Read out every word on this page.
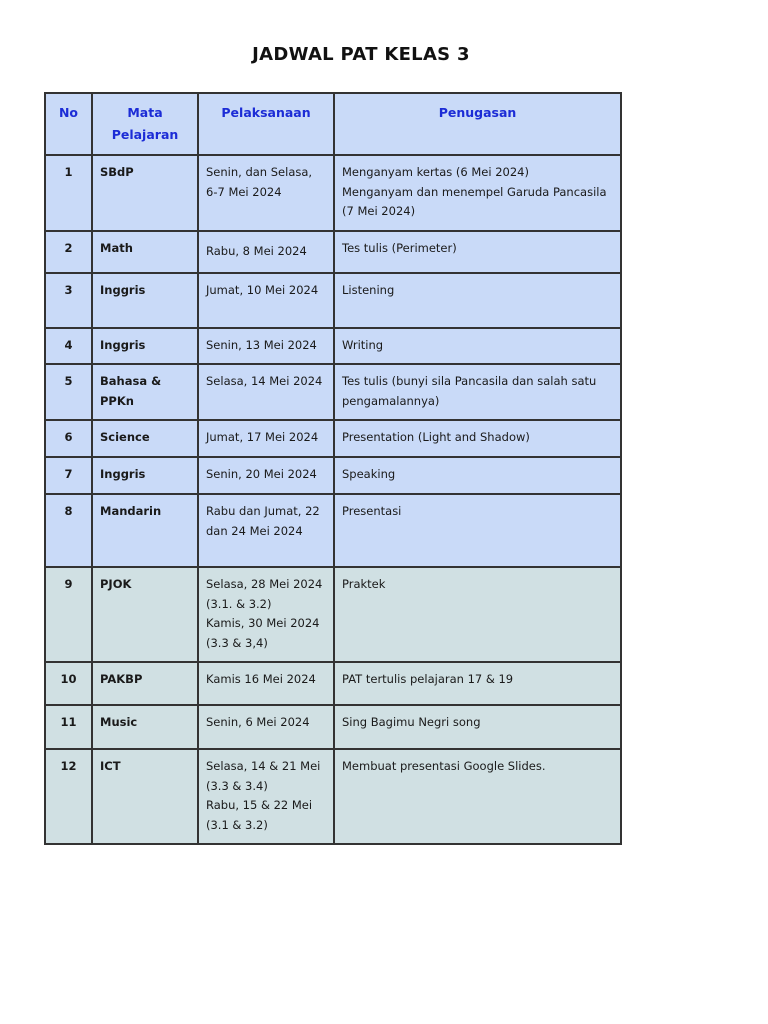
JADWAL PAT KELAS 3
No	Mata Pelajaran	Pelaksanaan	Penugasan
1	SBdP	Senin, dan Selasa, 6-7 Mei 2024	Menganyam kertas (6 Mei 2024)
Menganyam dan menempel Garuda Pancasila (7 Mei 2024)

2	Math	Rabu, 8 Mei 2024	Tes tulis (Perimeter)

3	Inggris	Jumat, 10 Mei 2024	Listening

4	Inggris	Senin, 13 Mei 2024	Writing

5	Bahasa & PPKn	Selasa, 14 Mei 2024	Tes tulis (bunyi sila Pancasila dan salah satu pengamalannya)

6	Science	Jumat, 17 Mei 2024	Presentation (Light and Shadow)

7	Inggris	Senin, 20 Mei 2024	Speaking

8	Mandarin	Rabu dan Jumat, 22 dan 24 Mei 2024	Presentasi

9	PJOK	Selasa, 28 Mei 2024 (3.1. & 3.2)
Kamis, 30 Mei 2024 (3.3 & 3,4)	Praktek

10	PAKBP	Kamis 16 Mei 2024	PAT tertulis pelajaran 17 & 19

11	Music	Senin, 6 Mei 2024	Sing Bagimu Negri song

12	ICT	Selasa, 14 & 21 Mei (3.3 & 3.4)
Rabu, 15 & 22 Mei (3.1 & 3.2)	Membuat presentasi Google Slides.
